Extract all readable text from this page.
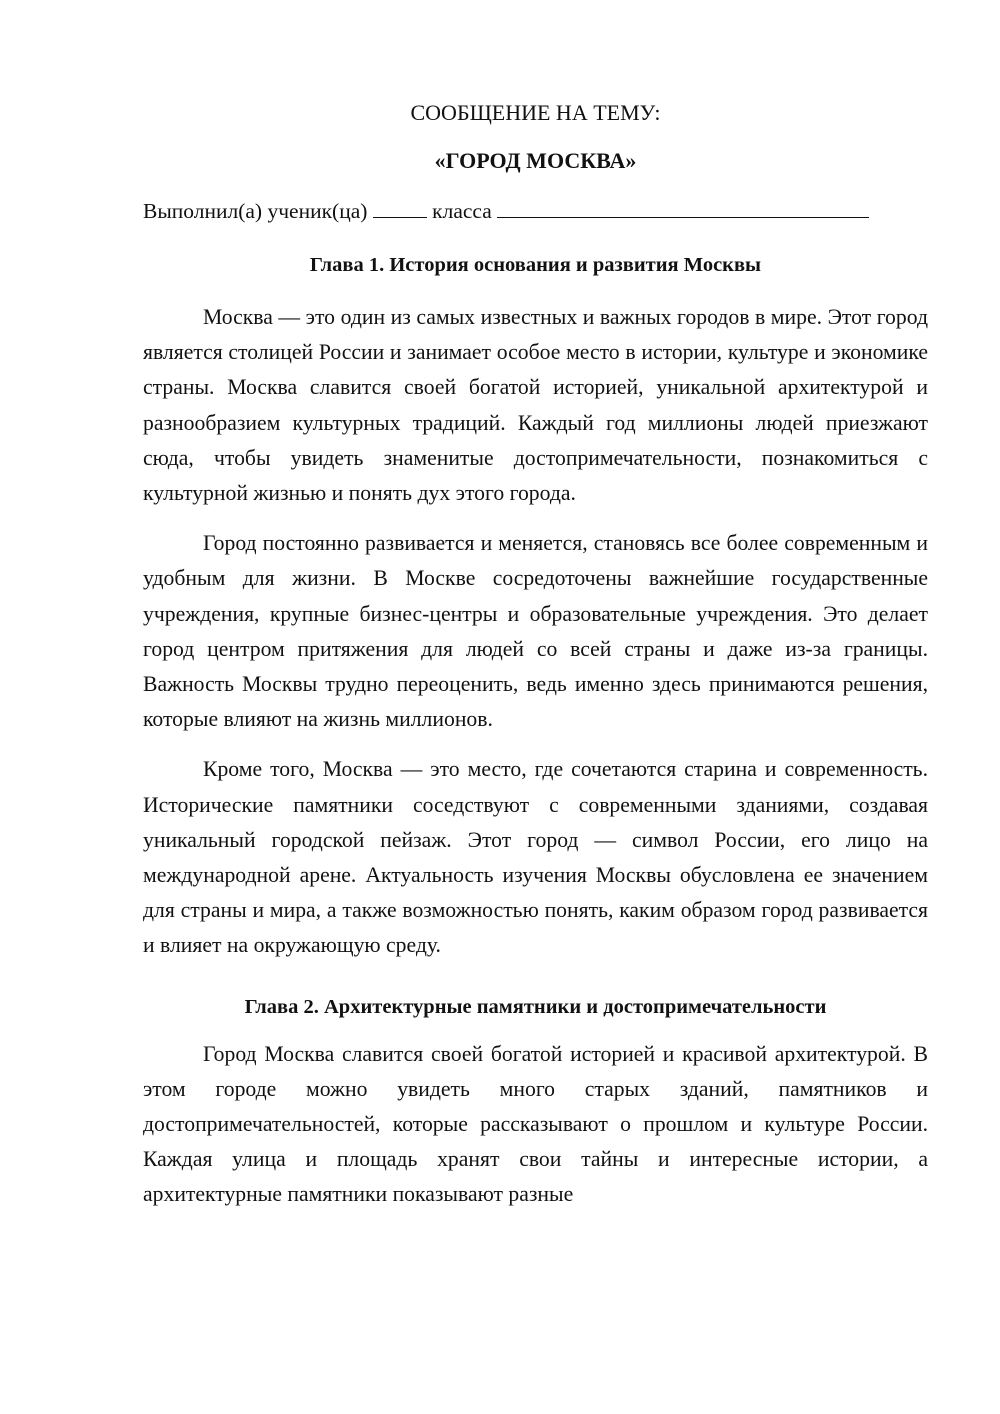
СООБЩЕНИЕ НА ТЕМУ:

«ГОРОД МОСКВА»

Выполнил(а) ученик(ца)	класса
Глава 1. История основания и развития Москвы

Москва — это один из самых известных и важных городов в мире. Этот город является столицей России и занимает особое место в истории, культуре и экономике страны. Москва славится своей богатой историей, уникальной архитектурой и разнообразием культурных традиций. Каждый год миллионы людей приезжают сюда, чтобы увидеть знаменитые достопримечательности, познакомиться с культурной жизнью и понять дух этого города.

Город постоянно развивается и меняется, становясь все более современным и удобным для жизни. В Москве сосредоточены важнейшие государственные учреждения, крупные бизнес-центры и образовательные учреждения. Это делает город центром притяжения для людей со всей страны и даже из-за границы. Важность Москвы трудно переоценить, ведь именно здесь принимаются решения, которые влияют на жизнь миллионов.

Кроме того, Москва — это место, где сочетаются старина и современность. Исторические памятники соседствуют с современными зданиями, создавая уникальный городской пейзаж. Этот город — символ России, его лицо на международной арене. Актуальность изучения Москвы обусловлена ее значением для страны и мира, а также возможностью понять, каким образом город развивается и влияет на окружающую среду.

Глава 2. Архитектурные памятники и достопримечательности

Город Москва славится своей богатой историей и красивой архитектурой. В этом городе можно увидеть много старых зданий, памятников и достопримечательностей, которые рассказывают о прошлом и культуре России. Каждая улица и площадь хранят свои тайны и интересные истории, а архитектурные памятники показывают разные
